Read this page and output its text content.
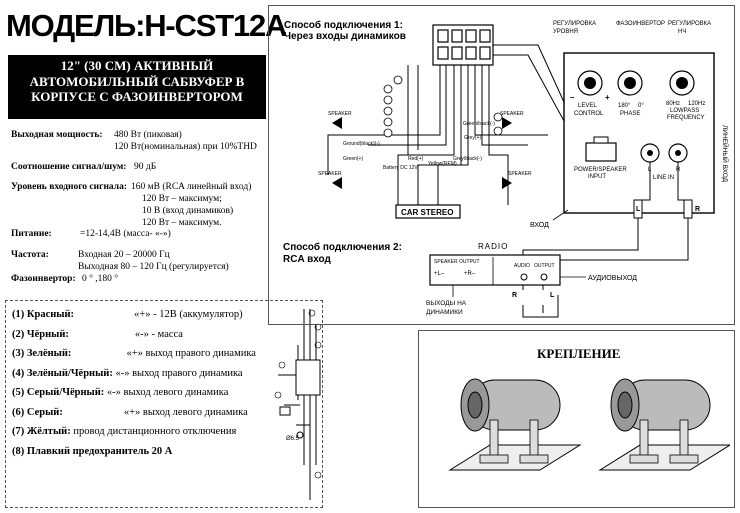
МОДЕЛЬ:H-CST12A
12" (30 СМ) АКТИВНЫЙ
АВТОМОБИЛЬНЫЙ САБВУФЕР В
КОРПУСЕ С ФАЗОИНВЕРТОРОМ
Выходная мощность: 480 Вт (пиковая)
120 Вт(номинальная) при 10%THD
Соотношение сигнал/шум: 90 дБ
Уровень входного сигнала: 160 мВ (RCA линейный вход)
120 Вт – максимум;
10 В (вход динамиков)
120 Вт – максимум.
Питание:	=12-14,4В (масса- «-»)
Частота:	Входная 20 – 20000 Гц
Выходная 80 – 120 Гц (регулируется)
Фазоинвертор: 0 ° ,180 °
(1) Красный:	«+» - 12В (аккумулятор)
(2) Чёрный:	«-» - масса
(3) Зелёный:	«+» выход правого динамика
(4) Зелёный/Чёрный: «-» выход правого динамика
(5) Серый/Чёрный: «-» выход левого динамика
(6) Серый:	«+» выход левого динамика
(7) Жёлтый: провод дистанционного отключения
(8) Плавкий предохранитель 20 А
Ø6.5
Способ подключения 1:
Через входы динамиков
Способ подключения 2:
RCA вход
SPEAKER	SPEAKER
SPEAKER	SPEAKER
Ground(black)(-)
Green(+)	Red(+)
Battery DC 12V
Yellow(REM)
Grey(+)
Grey/black(-)
Green/black(-)
CAR STEREO
ВХОД
RADIO
SPEAKER OUTPUT
+L–	+R–
AUDIO OUTPUT
R	L
L	R
АУДИОВЫХОД
ВЫХОДЫ НА
ДИНАМИКИ
РЕГУЛИРОВКА
УРОВНЯ
ФАЗОИНВЕРТОР РЕГУЛИРОВКА
НЧ
LEVEL
CONTROL
–	+
180° 0°
PHASE
80Hz 120Hz
LOWPASS
FREQUENCY
POWER/SPEAKER
INPUT
L	R
LINE IN	ЛИНЕЙНЫЙ ВХОД
КРЕПЛЕНИЕ
